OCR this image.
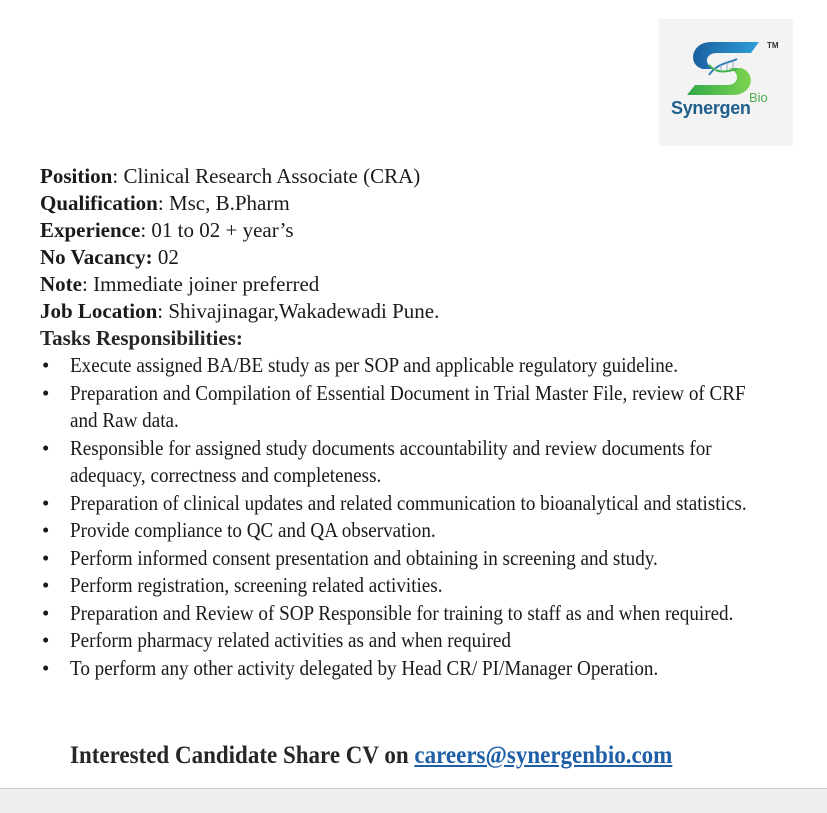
TM
Synergen
Bio
Position: Clinical Research Associate (CRA)
Qualification: Msc, B.Pharm
Experience: 01 to 02 + year’s
No Vacancy: 02
Note: Immediate joiner preferred
Job Location: Shivajinagar,Wakadewadi Pune.
Tasks Responsibilities:
• Execute assigned BA/BE study as per SOP and applicable regulatory guideline.
• Preparation and Compilation of Essential Document in Trial Master File, review of CRF and Raw data.
• Responsible for assigned study documents accountability and review documents for adequacy, correctness and completeness.
• Preparation of clinical updates and related communication to bioanalytical and statistics.
• Provide compliance to QC and QA observation.
• Perform informed consent presentation and obtaining in screening and study.
• Perform registration, screening related activities.
• Preparation and Review of SOP Responsible for training to staff as and when required.
• Perform pharmacy related activities as and when required
• To perform any other activity delegated by Head CR/ PI/Manager Operation.
Interested Candidate Share CV on careers@synergenbio.com
